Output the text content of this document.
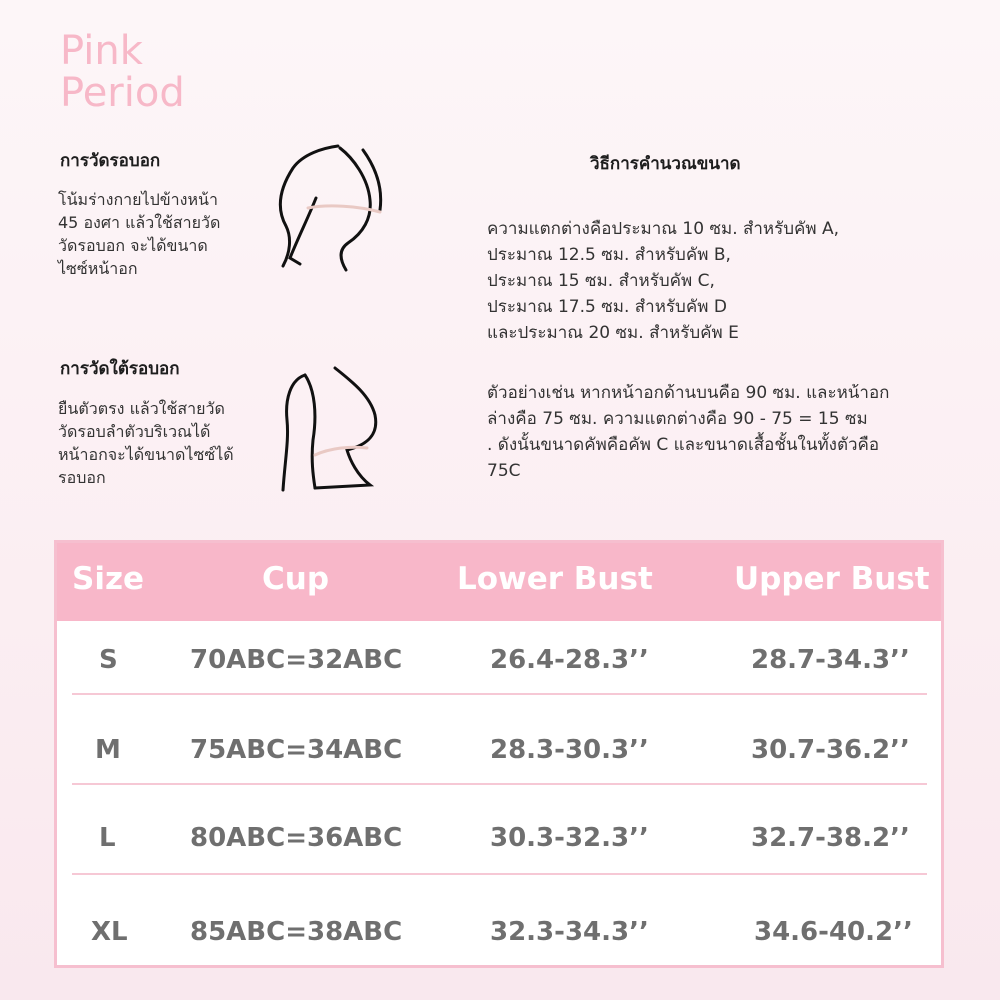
Pink
Period
การวัดรอบอก
โน้มร่างกายไปข้างหน้า
45 องศา แล้วใช้สายวัด
วัดรอบอก จะได้ขนาด
ไซซ์หน้าอก
การวัดใต้รอบอก
ยืนตัวตรง แล้วใช้สายวัด
วัดรอบลำตัวบริเวณได้
หน้าอกจะได้ขนาดไซซ์ได้
รอบอก
วิธีการคำนวณขนาด
ความแตกต่างคือประมาณ 10 ซม. สำหรับคัพ A,
ประมาณ 12.5 ซม. สำหรับคัพ B,
ประมาณ 15 ซม. สำหรับคัพ C,
ประมาณ 17.5 ซม. สำหรับคัพ D
และประมาณ 20 ซม. สำหรับคัพ E
ตัวอย่างเช่น หากหน้าอกด้านบนคือ 90 ซม. และหน้าอก
ล่างคือ 75 ซม. ความแตกต่างคือ 90 - 75 = 15 ซม
. ดังนั้นขนาดคัพคือคัพ C และขนาดเสื้อชั้นในทั้งตัวคือ
75C
Size	Cup	Lower Bust	Upper Bust
S	70ABC=32ABC	26.4-28.3’’	28.7-34.3’’
M	75ABC=34ABC	28.3-30.3’’	30.7-36.2’’
L	80ABC=36ABC	30.3-32.3’’	32.7-38.2’’
XL 85ABC=38ABC	32.3-34.3’’	34.6-40.2’’
